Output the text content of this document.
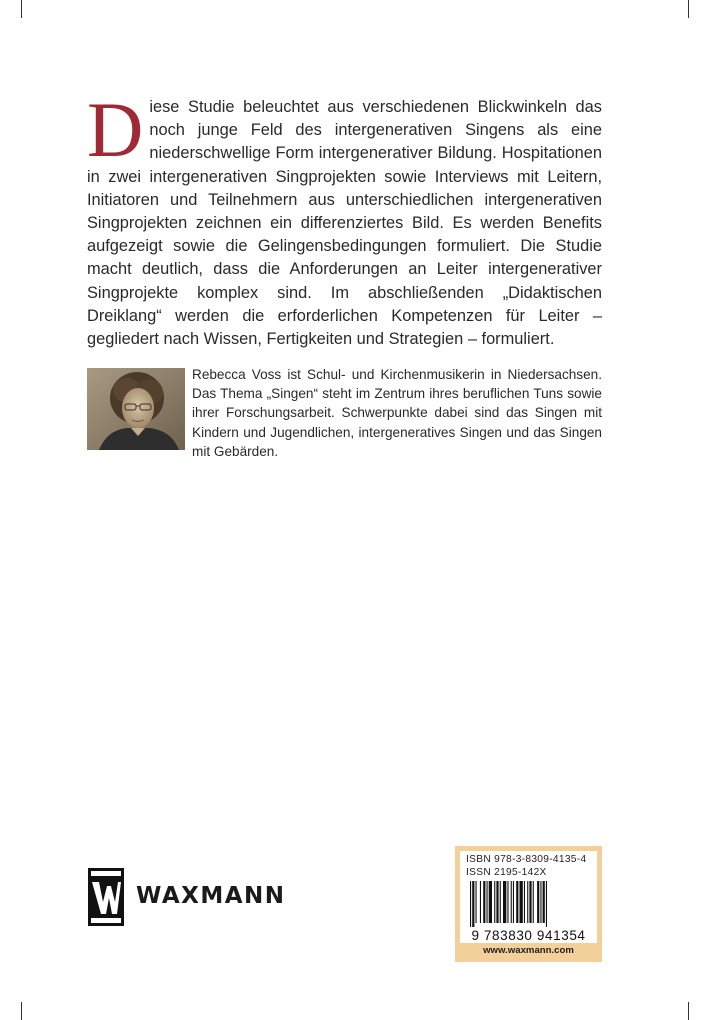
Diese Studie beleuchtet aus verschiedenen Blickwinkeln das noch junge Feld des intergenerativen Singens als eine niederschwellige Form intergenerativer Bildung. Hospitationen in zwei intergenerativen Singprojekten sowie Interviews mit Leitern, Initiatoren und Teilnehmern aus unterschiedlichen intergenerativen Singprojekten zeichnen ein differenziertes Bild. Es werden Benefits aufgezeigt sowie die Gelingensbedingungen formuliert. Die Studie macht deutlich, dass die Anforderungen an Leiter intergenerativer Singprojekte komplex sind. Im abschließenden „Didaktischen Dreiklang“ werden die erforderlichen Kompetenzen für Leiter – gegliedert nach Wissen, Fertigkeiten und Strategien – formuliert.

Rebecca Voss ist Schul- und Kirchenmusikerin in Niedersachsen. Das Thema „Singen“ steht im Zentrum ihres beruflichen Tuns sowie ihrer Forschungsarbeit. Schwerpunkte dabei sind das Singen mit Kindern und Jugendlichen, intergeneratives Singen und das Singen mit Gebärden.

WAXMANN
ISBN 978-3-8309-4135-4
ISSN 2195-142X
9 783830 941354
www.waxmann.com
